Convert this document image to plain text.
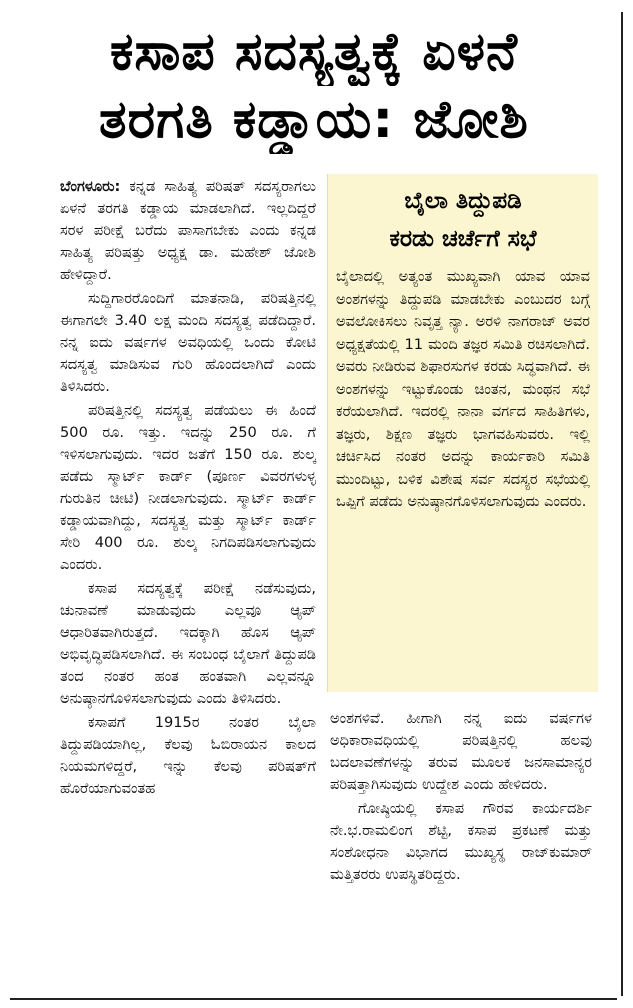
ಕಸಾಪ ಸದಸ್ಯತ್ವಕ್ಕೆ ಏಳನೆ
ತರಗತಿ ಕಡ್ಡಾಯ: ಜೋಶಿ

ಬೆಂಗಳೂರು: ಕನ್ನಡ ಸಾಹಿತ್ಯ ಪರಿಷತ್ ಸದಸ್ಯರಾಗಲು ಏಳನೆ ತರಗತಿ ಕಡ್ಡಾಯ ಮಾಡಲಾಗಿದೆ. ಇಲ್ಲದಿದ್ದರೆ ಸರಳ ಪರೀಕ್ಷೆ ಬರೆದು ಪಾಸಾಗಬೇಕು ಎಂದು ಕನ್ನಡ ಸಾಹಿತ್ಯ ಪರಿಷತ್ತು ಅಧ್ಯಕ್ಷ ಡಾ. ಮಹೇಶ್ ಜೋಶಿ ಹೇಳಿದ್ದಾರೆ.

ಸುದ್ದಿಗಾರರೊಂದಿಗೆ ಮಾತನಾಡಿ, ಪರಿಷತ್ತಿನಲ್ಲಿ ಈಗಾಗಲೇ 3.40 ಲಕ್ಷ ಮಂದಿ ಸದಸ್ಯತ್ವ ಪಡೆದಿದ್ದಾರೆ. ನನ್ನ ಐದು ವರ್ಷಗಳ ಅವಧಿಯಲ್ಲಿ ಒಂದು ಕೋಟಿ ಸದಸ್ಯತ್ವ ಮಾಡಿಸುವ ಗುರಿ ಹೊಂದಲಾಗಿದೆ ಎಂದು ತಿಳಿಸಿದರು.

ಪರಿಷತ್ತಿನಲ್ಲಿ ಸದಸ್ಯತ್ವ ಪಡೆಯಲು ಈ ಹಿಂದೆ 500 ರೂ. ಇತ್ತು. ಇದನ್ನು 250 ರೂ. ಗೆ ಇಳಿಸಲಾಗುವುದು. ಇದರ ಜತೆಗೆ 150 ರೂ. ಶುಲ್ಕ ಪಡೆದು ಸ್ಮಾರ್ಟ್ ಕಾರ್ಡ್ (ಪೂರ್ಣ ವಿವರಗಳುಳ್ಳ ಗುರುತಿನ ಚೀಟಿ) ನೀಡಲಾಗುವುದು. ಸ್ಮಾರ್ಟ್ ಕಾರ್ಡ್ ಕಡ್ಡಾಯವಾಗಿದ್ದು, ಸದಸ್ಯತ್ವ ಮತ್ತು ಸ್ಮಾರ್ಟ್ ಕಾರ್ಡ್ ಸೇರಿ 400 ರೂ. ಶುಲ್ಕ ನಿಗದಿಪಡಿಸಲಾಗುವುದು ಎಂದರು.

ಕಸಾಪ ಸದಸ್ಯತ್ವಕ್ಕೆ ಪರೀಕ್ಷೆ ನಡೆಸುವುದು, ಚುನಾವಣೆ ಮಾಡುವುದು ಎಲ್ಲವೂ ಆ್ಯಪ್ ಆಧಾರಿತವಾಗಿರುತ್ತದೆ. ಇದಕ್ಕಾಗಿ ಹೊಸ ಆ್ಯಪ್ ಅಭಿವೃದ್ಧಿಪಡಿಸಲಾಗಿದೆ. ಈ ಸಂಬಂಧ ಬೈಲಾಗೆ ತಿದ್ದುಪಡಿ ತಂದ ನಂತರ ಹಂತ ಹಂತವಾಗಿ ಎಲ್ಲವನ್ನೂ ಅನುಷ್ಠಾನಗೊಳಿಸಲಾಗುವುದು ಎಂದು ತಿಳಿಸಿದರು.

ಕಸಾಪಗೆ 1915ರ ನಂತರ ಬೈಲಾ ತಿದ್ದುಪಡಿಯಾಗಿಲ್ಲ, ಕೆಲವು ಓಬಿರಾಯನ ಕಾಲದ ನಿಯಮಗಳಿದ್ದರೆ, ಇನ್ನು ಕೆಲವು ಪರಿಷತ್‌ಗೆ ಹೊರೆಯಾಗುವಂತಹ

ಬೈಲಾ ತಿದ್ದುಪಡಿ
ಕರಡು ಚರ್ಚೆಗೆ ಸಭೆ

ಬೈಲಾದಲ್ಲಿ ಅತ್ಯಂತ ಮುಖ್ಯವಾಗಿ ಯಾವ ಯಾವ ಅಂಶಗಳನ್ನು ತಿದ್ದುಪಡಿ ಮಾಡಬೇಕು ಎಂಬುದರ ಬಗ್ಗೆ ಅವಲೋಕಿಸಲು ನಿವೃತ್ತ ನ್ಯಾ. ಅರಳಿ ನಾಗರಾಜ್ ಅವರ ಅಧ್ಯಕ್ಷತೆಯಲ್ಲಿ 11 ಮಂದಿ ತಜ್ಞರ ಸಮಿತಿ ರಚಿಸಲಾಗಿದೆ. ಅವರು ನೀಡಿರುವ ಶಿಫಾರಸುಗಳ ಕರಡು ಸಿದ್ಧವಾಗಿದೆ. ಈ ಅಂಶಗಳನ್ನು ಇಟ್ಟುಕೊಂಡು ಚಿಂತನ, ಮಂಥನ ಸಭೆ ಕರೆಯಲಾಗಿದೆ. ಇದರಲ್ಲಿ ನಾನಾ ವರ್ಗದ ಸಾಹಿತಿಗಳು, ತಜ್ಞರು, ಶಿಕ್ಷಣ ತಜ್ಞರು ಭಾಗವಹಿಸುವರು. ಇಲ್ಲಿ ಚರ್ಚಿಸಿದ ನಂತರ ಅದನ್ನು ಕಾರ್ಯಕಾರಿ ಸಮಿತಿ ಮುಂದಿಟ್ಟು, ಬಳಿಕ ವಿಶೇಷ ಸರ್ವ ಸದಸ್ಯರ ಸಭೆಯಲ್ಲಿ ಒಪ್ಪಿಗೆ ಪಡೆದು ಅನುಷ್ಠಾನಗೊಳಿಸಲಾಗುವುದು ಎಂದರು.

ಅಂಶಗಳಿವೆ. ಹೀಗಾಗಿ ನನ್ನ ಐದು ವರ್ಷಗಳ ಅಧಿಕಾರಾವಧಿಯಲ್ಲಿ ಪರಿಷತ್ತಿನಲ್ಲಿ ಹಲವು ಬದಲಾವಣೆಗಳನ್ನು ತರುವ ಮೂಲಕ ಜನಸಾಮಾನ್ಯರ ಪರಿಷತ್ತಾಗಿಸುವುದು ಉದ್ದೇಶ ಎಂದು ಹೇಳಿದರು.

ಗೋಷ್ಠಿಯಲ್ಲಿ ಕಸಾಪ ಗೌರವ ಕಾರ್ಯದರ್ಶಿ ನೇ.ಭ.ರಾಮಲಿಂಗ ಶೆಟ್ಟಿ, ಕಸಾಪ ಪ್ರಕಟಣೆ ಮತ್ತು ಸಂಶೋಧನಾ ವಿಭಾಗದ ಮುಖ್ಯಸ್ಥ ರಾಜ್‌ಕುಮಾರ್ ಮತ್ತಿತರರು ಉಪಸ್ಥಿತರಿದ್ದರು.
